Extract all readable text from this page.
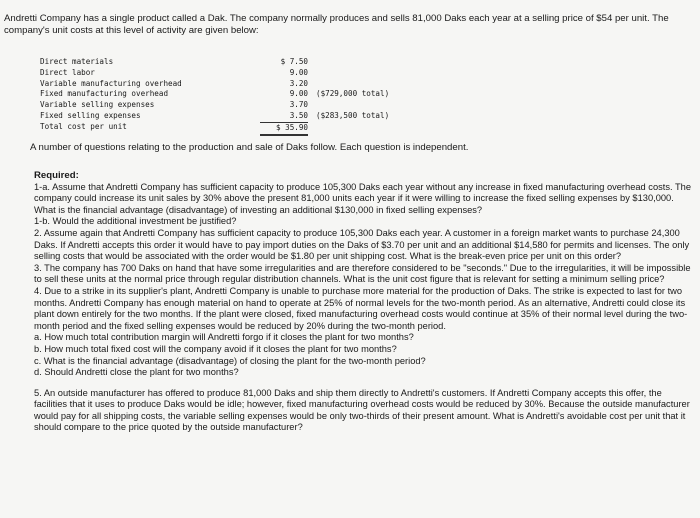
Andretti Company has a single product called a Dak. The company normally produces and sells 81,000 Daks each year at a selling price of $54 per unit. The company's unit costs at this level of activity are given below:
Direct materials	$ 7.50	
Direct labor	9.00	
Variable manufacturing overhead	3.20	
Fixed manufacturing overhead	9.00	($729,000 total)
Variable selling expenses	3.70	
Fixed selling expenses	3.50	($283,500 total)
Total cost per unit	$ 35.90	
A number of questions relating to the production and sale of Daks follow. Each question is independent.

Required:

1-a. Assume that Andretti Company has sufficient capacity to produce 105,300 Daks each year without any increase in fixed manufacturing overhead costs. The company could increase its unit sales by 30% above the present 81,000 units each year if it were willing to increase the fixed selling expenses by $130,000. What is the financial advantage (disadvantage) of investing an additional $130,000 in fixed selling expenses?

1-b. Would the additional investment be justified?

2. Assume again that Andretti Company has sufficient capacity to produce 105,300 Daks each year. A customer in a foreign market wants to purchase 24,300 Daks. If Andretti accepts this order it would have to pay import duties on the Daks of $3.70 per unit and an additional $14,580 for permits and licenses. The only selling costs that would be associated with the order would be $1.80 per unit shipping cost. What is the break-even price per unit on this order?

3. The company has 700 Daks on hand that have some irregularities and are therefore considered to be "seconds." Due to the irregularities, it will be impossible to sell these units at the normal price through regular distribution channels. What is the unit cost figure that is relevant for setting a minimum selling price?

4. Due to a strike in its supplier's plant, Andretti Company is unable to purchase more material for the production of Daks. The strike is expected to last for two months. Andretti Company has enough material on hand to operate at 25% of normal levels for the two-month period. As an alternative, Andretti could close its plant down entirely for the two months. If the plant were closed, fixed manufacturing overhead costs would continue at 35% of their normal level during the two-month period and the fixed selling expenses would be reduced by 20% during the two-month period.

a. How much total contribution margin will Andretti forgo if it closes the plant for two months?

b. How much total fixed cost will the company avoid if it closes the plant for two months?

c. What is the financial advantage (disadvantage) of closing the plant for the two-month period?

d. Should Andretti close the plant for two months?

5. An outside manufacturer has offered to produce 81,000 Daks and ship them directly to Andretti's customers. If Andretti Company accepts this offer, the facilities that it uses to produce Daks would be idle; however, fixed manufacturing overhead costs would be reduced by 30%. Because the outside manufacturer would pay for all shipping costs, the variable selling expenses would be only two-thirds of their present amount. What is Andretti's avoidable cost per unit that it should compare to the price quoted by the outside manufacturer?
